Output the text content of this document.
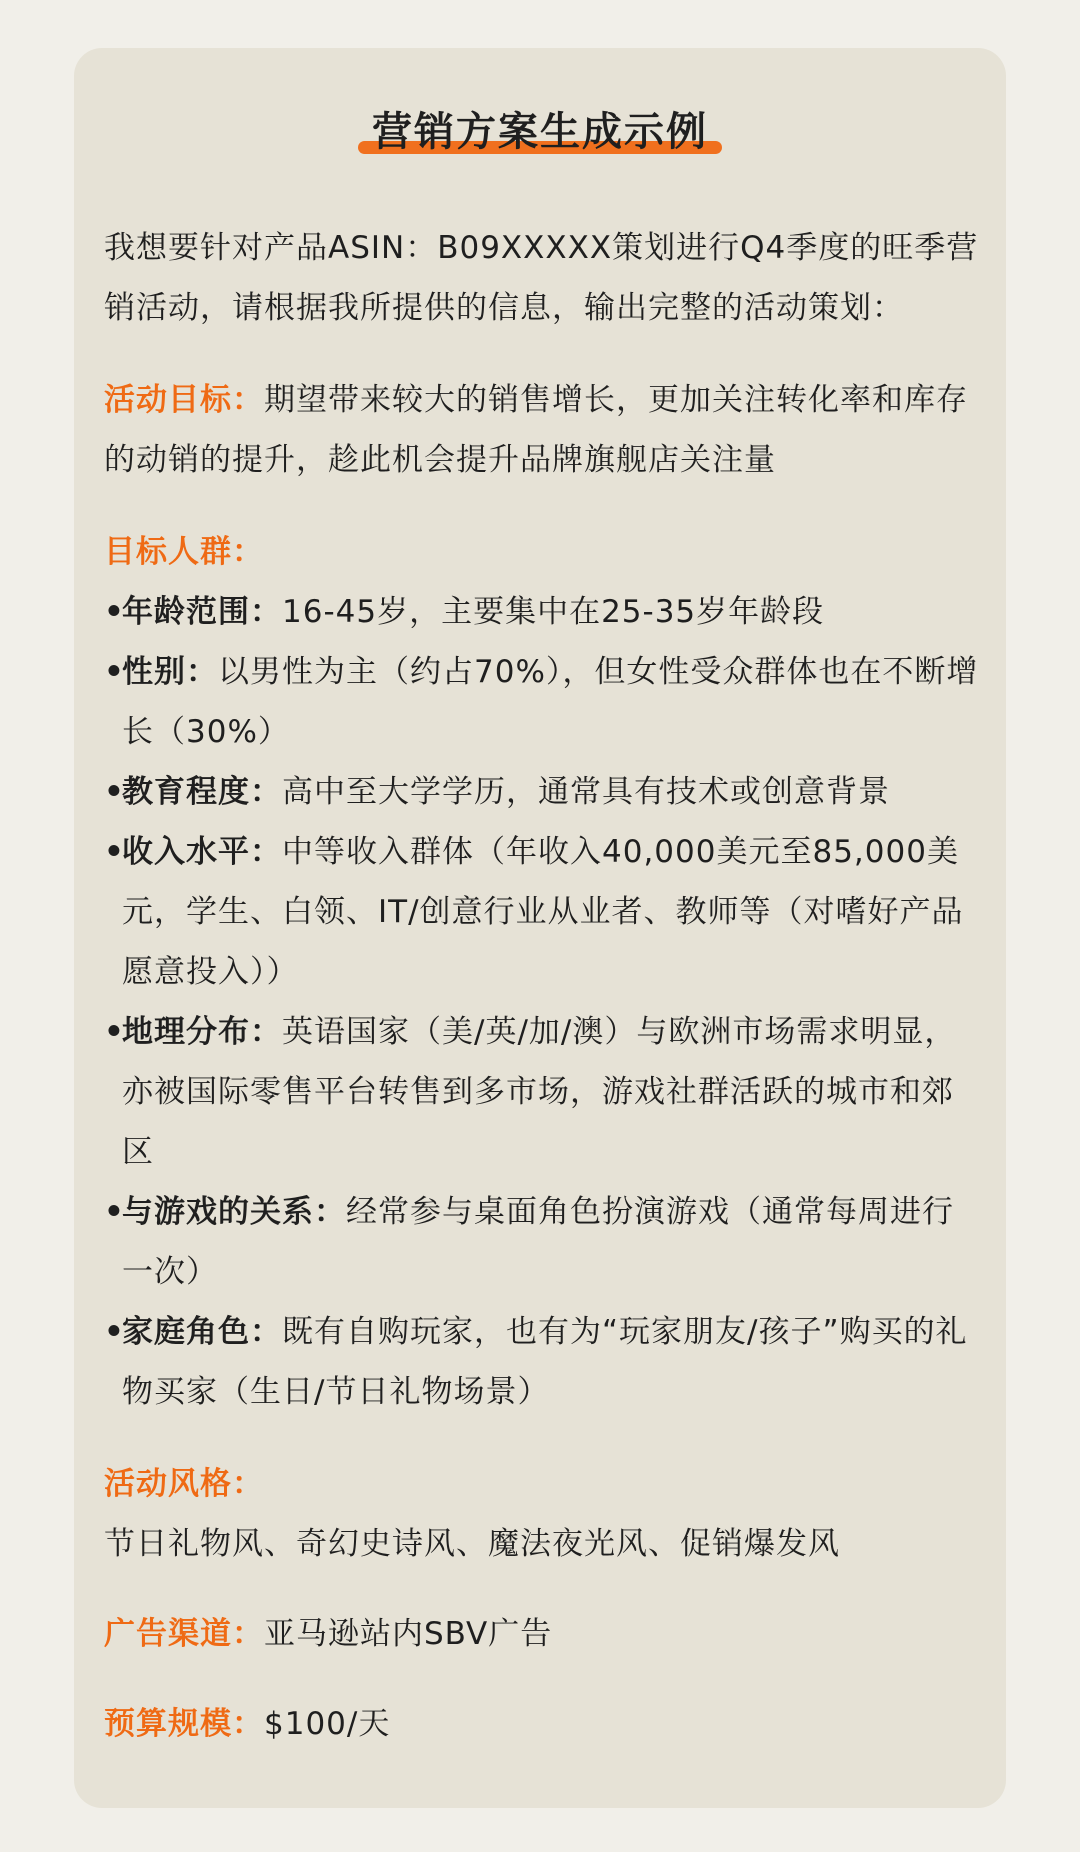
营销方案生成示例

我想要针对产品ASIN：B09XXXXX策划进行Q4季度的旺季营销活动，请根据我所提供的信息，输出完整的活动策划：

活动目标：期望带来较大的销售增长，更加关注转化率和库存的动销的提升，趁此机会提升品牌旗舰店关注量

目标人群：

•
年龄范围：16-45岁，主要集中在25-35岁年龄段

•
性别：以男性为主（约占70%），但女性受众群体也在不断增长（30%）

•
教育程度：高中至大学学历，通常具有技术或创意背景

•
收入水平：中等收入群体（年收入40,000美元至85,000美元，学生、白领、IT/创意行业从业者、教师等（对嗜好产品愿意投入））

•
地理分布：英语国家（美/英/加/澳）与欧洲市场需求明显，亦被国际零售平台转售到多市场，游戏社群活跃的城市和郊区

•
与游戏的关系：经常参与桌面角色扮演游戏（通常每周进行一次）

•
家庭角色：既有自购玩家，也有为“玩家朋友/孩子”购买的礼物买家（生日/节日礼物场景）

活动风格：

节日礼物风、奇幻史诗风、魔法夜光风、促销爆发风

广告渠道：亚马逊站内SBV广告

预算规模：$100/天
